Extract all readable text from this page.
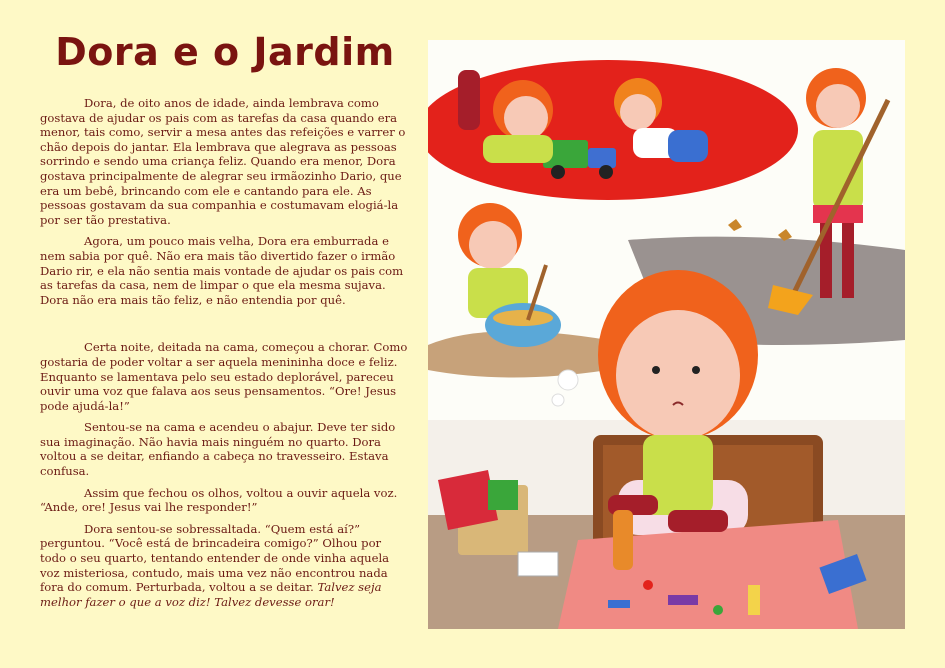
Dora e o Jardim

Dora, de oito anos de idade, ainda lembrava como gostava de ajudar os pais com as tarefas da casa quando era menor, tais como, servir a mesa antes das refeições e varrer o chão depois do jantar. Ela lembrava que alegrava as pessoas sorrindo e sendo uma criança feliz. Quando era menor, Dora gostava principalmente de alegrar seu irmãozinho Dario, que era um bebê, brincando com ele e cantando para ele. As pessoas gostavam da sua companhia e costumavam elogiá-la por ser tão prestativa.

Agora, um pouco mais velha, Dora era emburrada e nem sabia por quê. Não era mais tão divertido fazer o irmão Dario rir, e ela não sentia mais vontade de ajudar os pais com as tarefas da casa, nem de limpar o que ela mesma sujava. Dora não era mais tão feliz, e não entendia por quê.

Certa noite, deitada na cama, começou a chorar. Como gostaria de poder voltar a ser aquela menininha doce e feliz. Enquanto se lamentava pelo seu estado deplorável, pareceu ouvir uma voz que falava aos seus pensamentos. “Ore! Jesus pode ajudá-la!”

Sentou-se na cama e acendeu o abajur. Deve ter sido sua imaginação. Não havia mais ninguém no quarto. Dora voltou a se deitar, enfiando a cabeça no travesseiro. Estava confusa.

Assim que fechou os olhos, voltou a ouvir aquela voz. “Ande, ore! Jesus vai lhe responder!”

Dora sentou-se sobressaltada. “Quem está aí?” perguntou. “Você está de brincadeira comigo?” Olhou por todo o seu quarto, tentando entender de onde vinha aquela voz misteriosa, contudo, mais uma vez não encontrou nada fora do comum. Perturbada, voltou a se deitar. Talvez seja melhor fazer o que a voz diz! Talvez devesse orar!
